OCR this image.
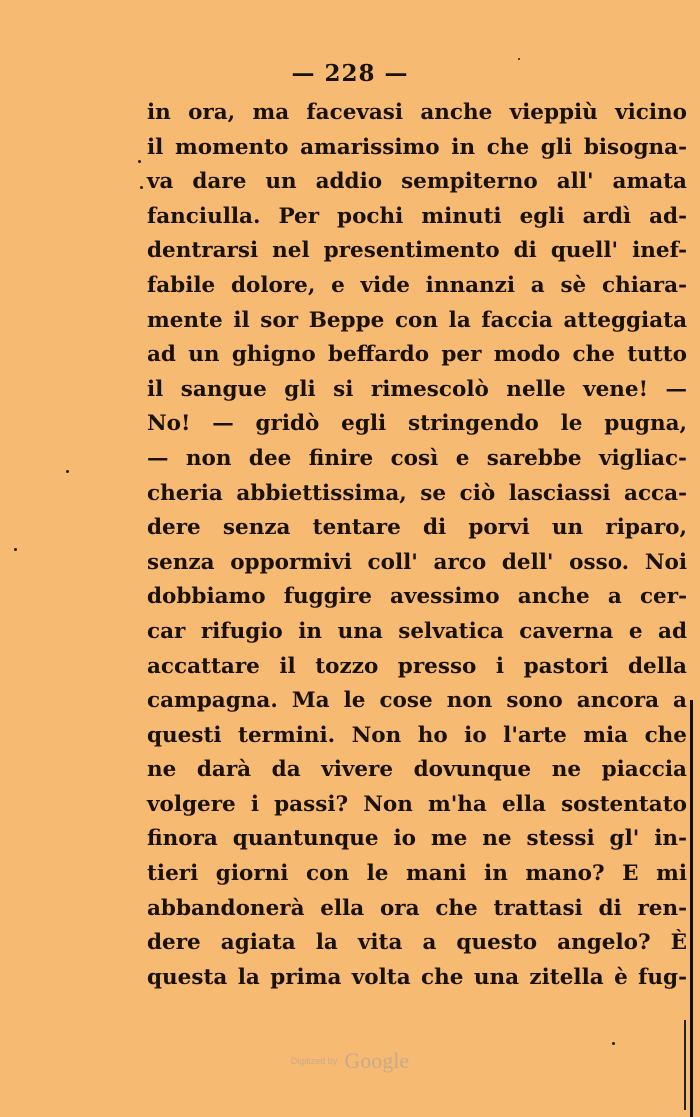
— 228 —
in ora, ma facevasi anche vieppiù vicino
il momento amarissimo in che gli bisogna-
va dare un addio sempiterno all' amata
fanciulla. Per pochi minuti egli ardì ad-
dentrarsi nel presentimento di quell' inef-
fabile dolore, e vide innanzi a sè chiara-
mente il sor Beppe con la faccia atteggiata
ad un ghigno beffardo per modo che tutto
il sangue gli si rimescolò nelle vene! —
No! — gridò egli stringendo le pugna,
— non dee finire così e sarebbe vigliac-
cheria abbiettissima, se ciò lasciassi acca-
dere senza tentare di porvi un riparo,
senza oppormivi coll' arco dell' osso. Noi
dobbiamo fuggire avessimo anche a cer-
car rifugio in una selvatica caverna e ad
accattare il tozzo presso i pastori della
campagna. Ma le cose non sono ancora a
questi termini. Non ho io l'arte mia che
ne darà da vivere dovunque ne piaccia
volgere i passi? Non m'ha ella sostentato
finora quantunque io me ne stessi gl' in-
tieri giorni con le mani in mano? E mi
abbandonerà ella ora che trattasi di ren-
dere agiata la vita a questo angelo? È
questa la prima volta che una zitella è fug-
Digitized by Google
